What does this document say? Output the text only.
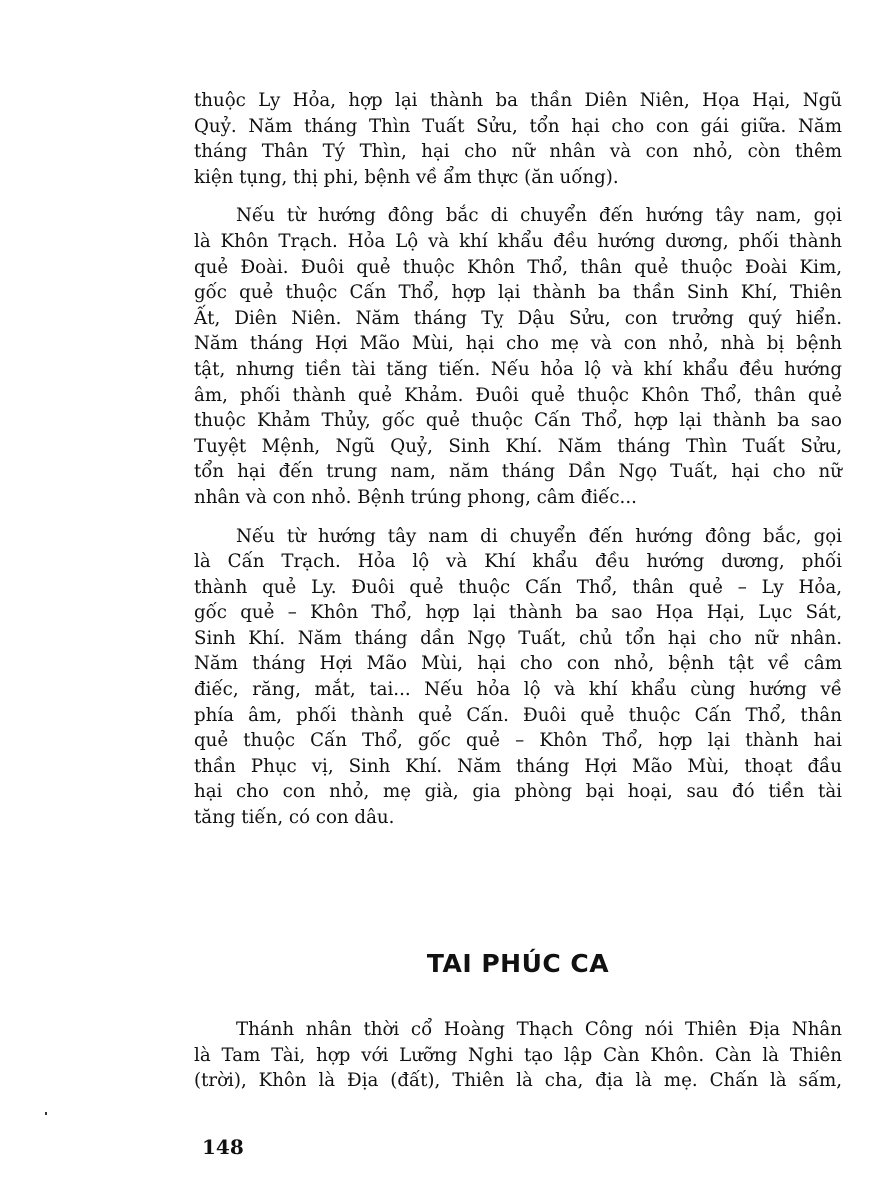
thuộc Ly Hỏa, hợp lại thành ba thần Diên Niên, Họa Hại, Ngũ
Quỷ. Năm tháng Thìn Tuất Sửu, tổn hại cho con gái giữa. Năm
tháng Thân Tý Thìn, hại cho nữ nhân và con nhỏ, còn thêm
kiện tụng, thị phi, bệnh về ẩm thực (ăn uống).
Nếu từ hướng đông bắc di chuyển đến hướng tây nam, gọi
là Khôn Trạch. Hỏa Lộ và khí khẩu đều hướng dương, phối thành
quẻ Đoài. Đuôi quẻ thuộc Khôn Thổ, thân quẻ thuộc Đoài Kim,
gốc quẻ thuộc Cấn Thổ, hợp lại thành ba thần Sinh Khí, Thiên
Ất, Diên Niên. Năm tháng Tỵ Dậu Sửu, con trưởng quý hiển.
Năm tháng Hợi Mão Mùi, hại cho mẹ và con nhỏ, nhà bị bệnh
tật, nhưng tiền tài tăng tiến. Nếu hỏa lộ và khí khẩu đều hướng
âm, phối thành quẻ Khảm. Đuôi quẻ thuộc Khôn Thổ, thân quẻ
thuộc Khảm Thủy, gốc quẻ thuộc Cấn Thổ, hợp lại thành ba sao
Tuyệt Mệnh, Ngũ Quỷ, Sinh Khí. Năm tháng Thìn Tuất Sửu,
tổn hại đến trung nam, năm tháng Dần Ngọ Tuất, hại cho nữ
nhân và con nhỏ. Bệnh trúng phong, câm điếc...
Nếu từ hướng tây nam di chuyển đến hướng đông bắc, gọi
là Cấn Trạch. Hỏa lộ và Khí khẩu đều hướng dương, phối
thành quẻ Ly. Đuôi quẻ thuộc Cấn Thổ, thân quẻ – Ly Hỏa,
gốc quẻ – Khôn Thổ, hợp lại thành ba sao Họa Hại, Lục Sát,
Sinh Khí. Năm tháng dần Ngọ Tuất, chủ tổn hại cho nữ nhân.
Năm tháng Hợi Mão Mùi, hại cho con nhỏ, bệnh tật về câm
điếc, răng, mắt, tai... Nếu hỏa lộ và khí khẩu cùng hướng về
phía âm, phối thành quẻ Cấn. Đuôi quẻ thuộc Cấn Thổ, thân
quẻ thuộc Cấn Thổ, gốc quẻ – Khôn Thổ, hợp lại thành hai
thần Phục vị, Sinh Khí. Năm tháng Hợi Mão Mùi, thoạt đầu
hại cho con nhỏ, mẹ già, gia phòng bại hoại, sau đó tiền tài
tăng tiến, có con dâu.
TAI PHÚC CA
Thánh nhân thời cổ Hoàng Thạch Công nói Thiên Địa Nhân
là Tam Tài, hợp với Lưỡng Nghi tạo lập Càn Khôn. Càn là Thiên
(trời), Khôn là Địa (đất), Thiên là cha, địa là mẹ. Chấn là sấm,
148
